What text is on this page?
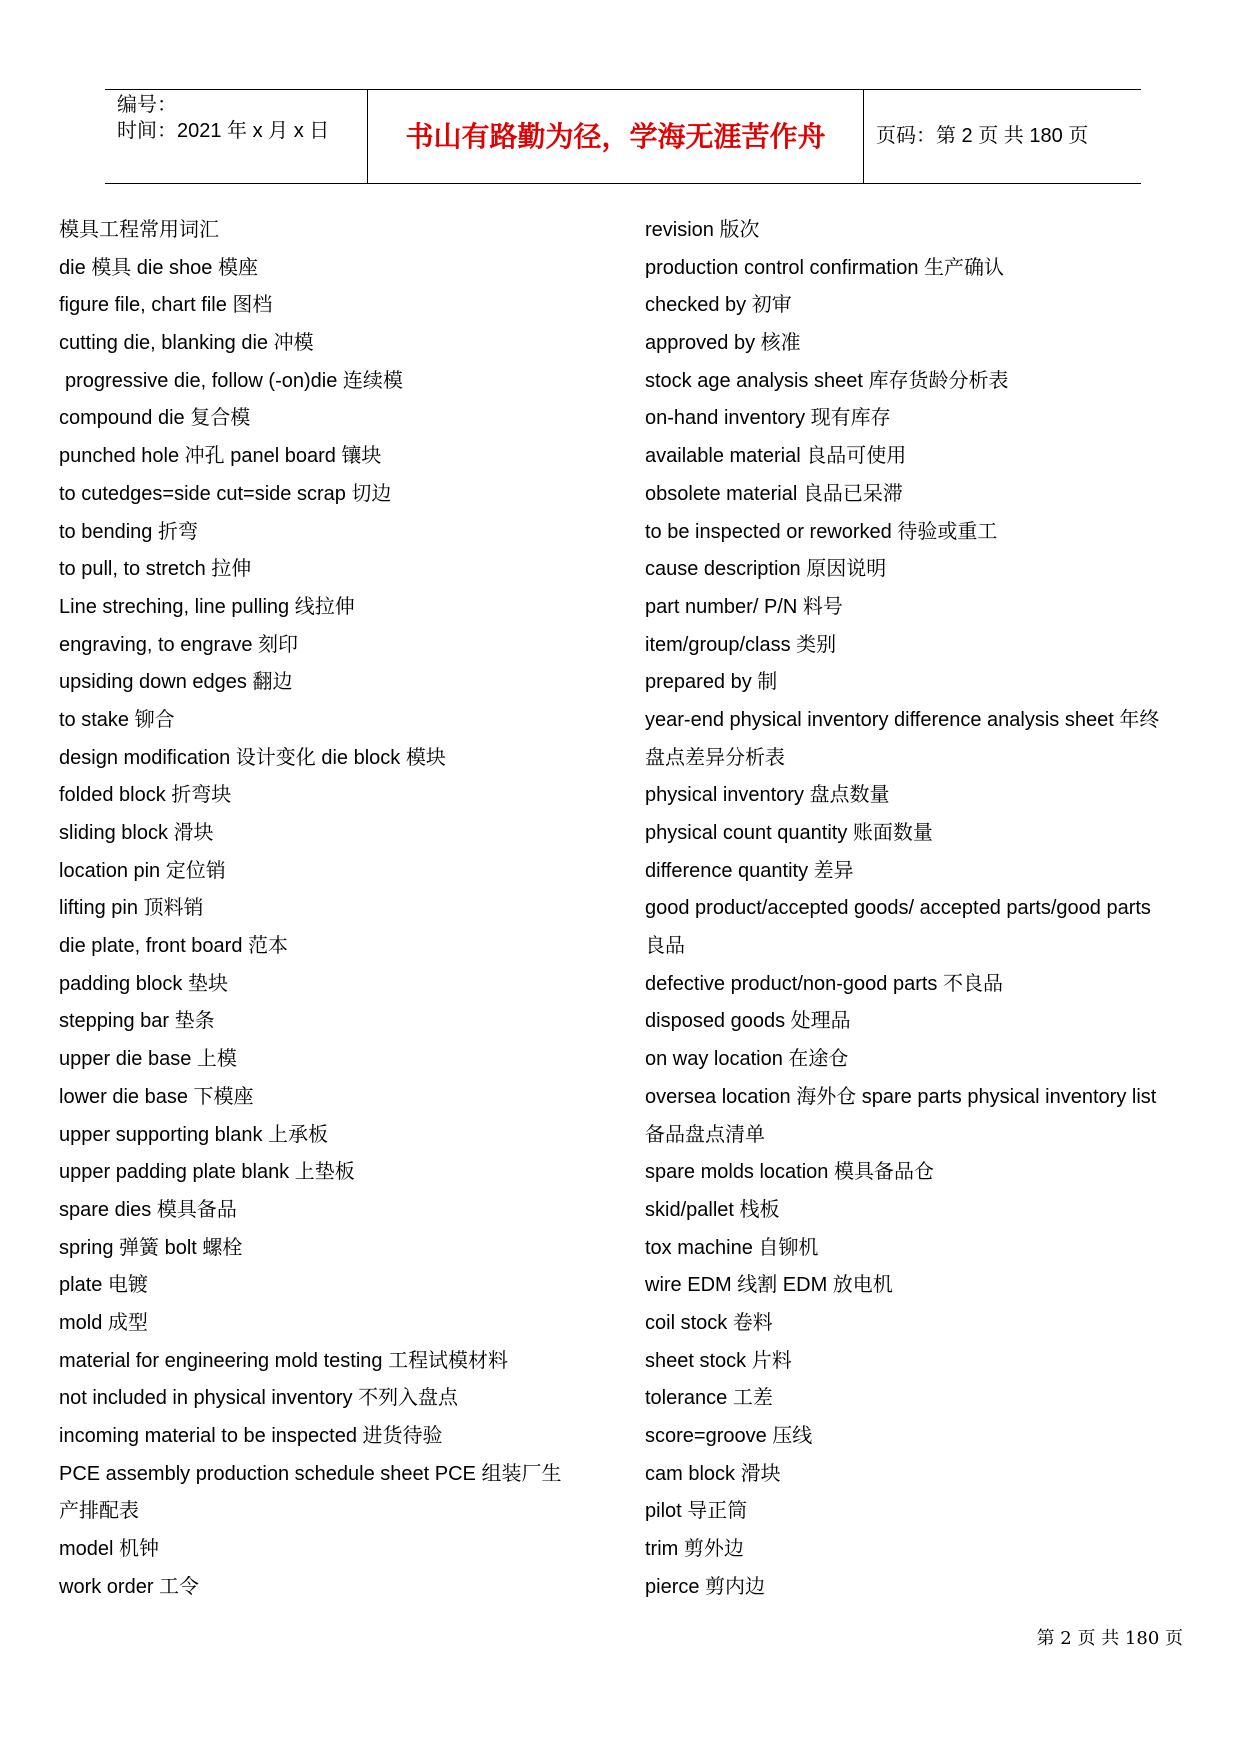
编号：
时间：2021 年 x 月 x 日	书山有路勤为径，学海无涯苦作舟	页码：第 2 页 共 180 页
模具工程常用词汇
die 模具 die shoe 模座
figure file, chart file 图档
cutting die, blanking die 冲模
progressive die, follow (-on)die 连续模
compound die 复合模
punched hole 冲孔 panel board 镶块
to cutedges=side cut=side scrap 切边
to bending 折弯
to pull, to stretch 拉伸
Line streching, line pulling 线拉伸
engraving, to engrave 刻印
upsiding down edges 翻边
to stake 铆合
design modification 设计变化 die block 模块
folded block 折弯块
sliding block 滑块
location pin 定位销
lifting pin 顶料销
die plate, front board 范本
padding block 垫块
stepping bar 垫条
upper die base 上模
lower die base 下模座
upper supporting blank 上承板
upper padding plate blank 上垫板
spare dies 模具备品
spring 弹簧 bolt 螺栓
plate 电镀
mold 成型
material for engineering mold testing 工程试模材料
not included in physical inventory 不列入盘点
incoming material to be inspected 进货待验
PCE assembly production schedule sheet PCE 组装厂生
产排配表
model 机钟
work order 工令
revision 版次
production control confirmation 生产确认
checked by 初审
approved by 核准
stock age analysis sheet 库存货龄分析表
on-hand inventory 现有库存
available material 良品可使用
obsolete material 良品已呆滞
to be inspected or reworked 待验或重工
cause description 原因说明
part number/ P/N 料号
item/group/class 类别
prepared by 制
year-end physical inventory difference analysis sheet 年终
盘点差异分析表
physical inventory 盘点数量
physical count quantity 账面数量
difference quantity 差异
good product/accepted goods/ accepted parts/good parts
良品
defective product/non-good parts 不良品
disposed goods 处理品
on way location 在途仓
oversea location 海外仓 spare parts physical inventory list
备品盘点清单
spare molds location 模具备品仓
skid/pallet 栈板
tox machine 自铆机
wire EDM 线割 EDM 放电机
coil stock 卷料
sheet stock 片料
tolerance 工差
score=groove 压线
cam block 滑块
pilot 导正筒
trim 剪外边
pierce 剪内边
第 2 页 共 180 页
